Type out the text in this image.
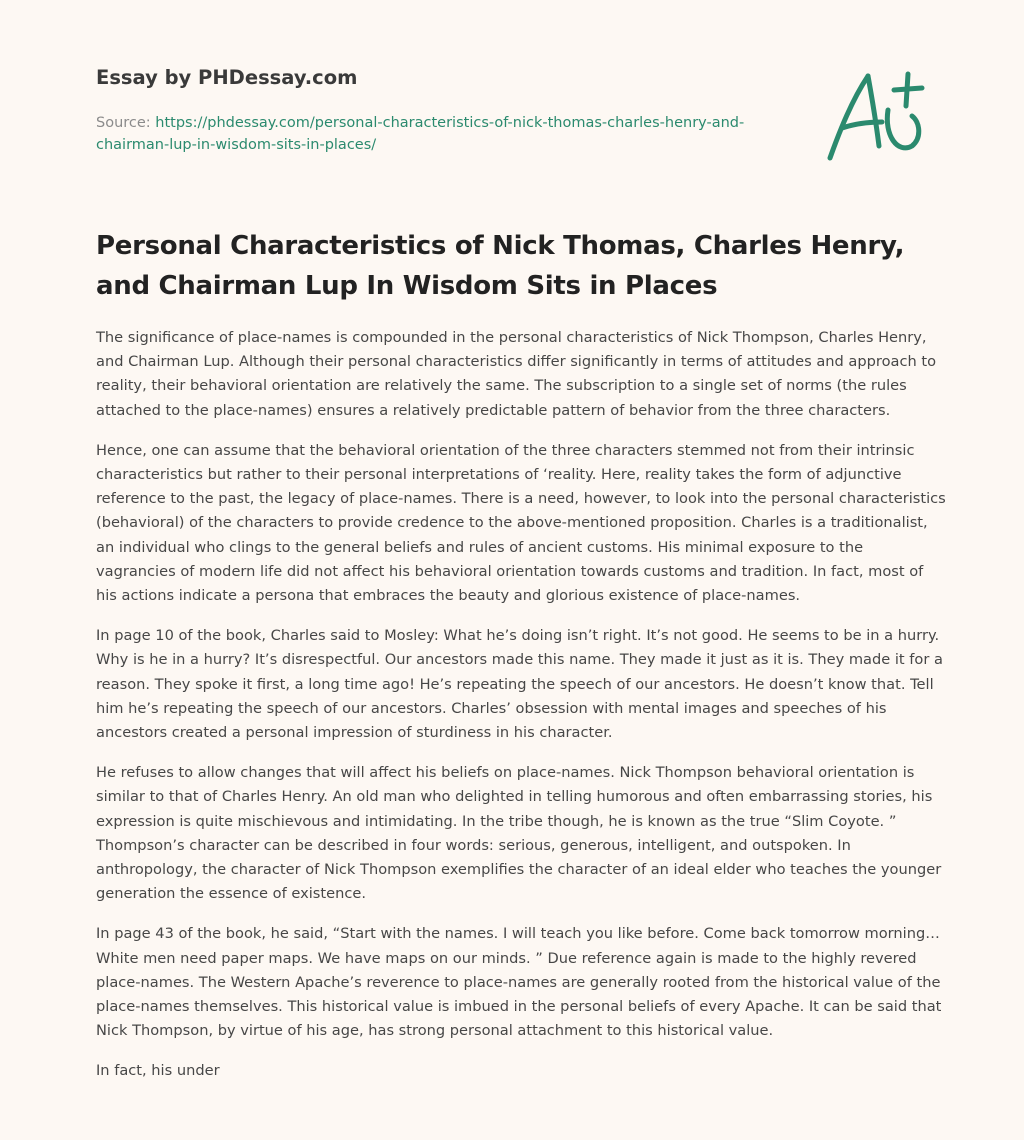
Essay by PHDessay.com
Source: https://phdessay.com/personal-characteristics-of-nick-thomas-charles-henry-and-chairman-lup-in-wisdom-sits-in-places/
Personal Characteristics of Nick Thomas, Charles Henry, and Chairman Lup In Wisdom Sits in Places

The significance of place-names is compounded in the personal characteristics of Nick Thompson, Charles Henry, and Chairman Lup. Although their personal characteristics differ significantly in terms of attitudes and approach to reality, their behavioral orientation are relatively the same. The subscription to a single set of norms (the rules attached to the place-names) ensures a relatively predictable pattern of behavior from the three characters.

Hence, one can assume that the behavioral orientation of the three characters stemmed not from their intrinsic characteristics but rather to their personal interpretations of ‘reality. Here, reality takes the form of adjunctive reference to the past, the legacy of place-names. There is a need, however, to look into the personal characteristics (behavioral) of the characters to provide credence to the above-mentioned proposition. Charles is a traditionalist, an individual who clings to the general beliefs and rules of ancient customs. His minimal exposure to the vagrancies of modern life did not affect his behavioral orientation towards customs and tradition. In fact, most of his actions indicate a persona that embraces the beauty and glorious existence of place-names.

In page 10 of the book, Charles said to Mosley: What he’s doing isn’t right. It’s not good. He seems to be in a hurry. Why is he in a hurry? It’s disrespectful. Our ancestors made this name. They made it just as it is. They made it for a reason. They spoke it first, a long time ago! He’s repeating the speech of our ancestors. He doesn’t know that. Tell him he’s repeating the speech of our ancestors. Charles’ obsession with mental images and speeches of his ancestors created a personal impression of sturdiness in his character.

He refuses to allow changes that will affect his beliefs on place-names. Nick Thompson behavioral orientation is similar to that of Charles Henry. An old man who delighted in telling humorous and often embarrassing stories, his expression is quite mischievous and intimidating. In the tribe though, he is known as the true “Slim Coyote. ” Thompson’s character can be described in four words: serious, generous, intelligent, and outspoken. In anthropology, the character of Nick Thompson exemplifies the character of an ideal elder who teaches the younger generation the essence of existence.

In page 43 of the book, he said, “Start with the names. I will teach you like before. Come back tomorrow morning… White men need paper maps. We have maps on our minds. ” Due reference again is made to the highly revered place-names. The Western Apache’s reverence to place-names are generally rooted from the historical value of the place-names themselves. This historical value is imbued in the personal beliefs of every Apache. It can be said that Nick Thompson, by virtue of his age, has strong personal attachment to this historical value.

In fact, his under
